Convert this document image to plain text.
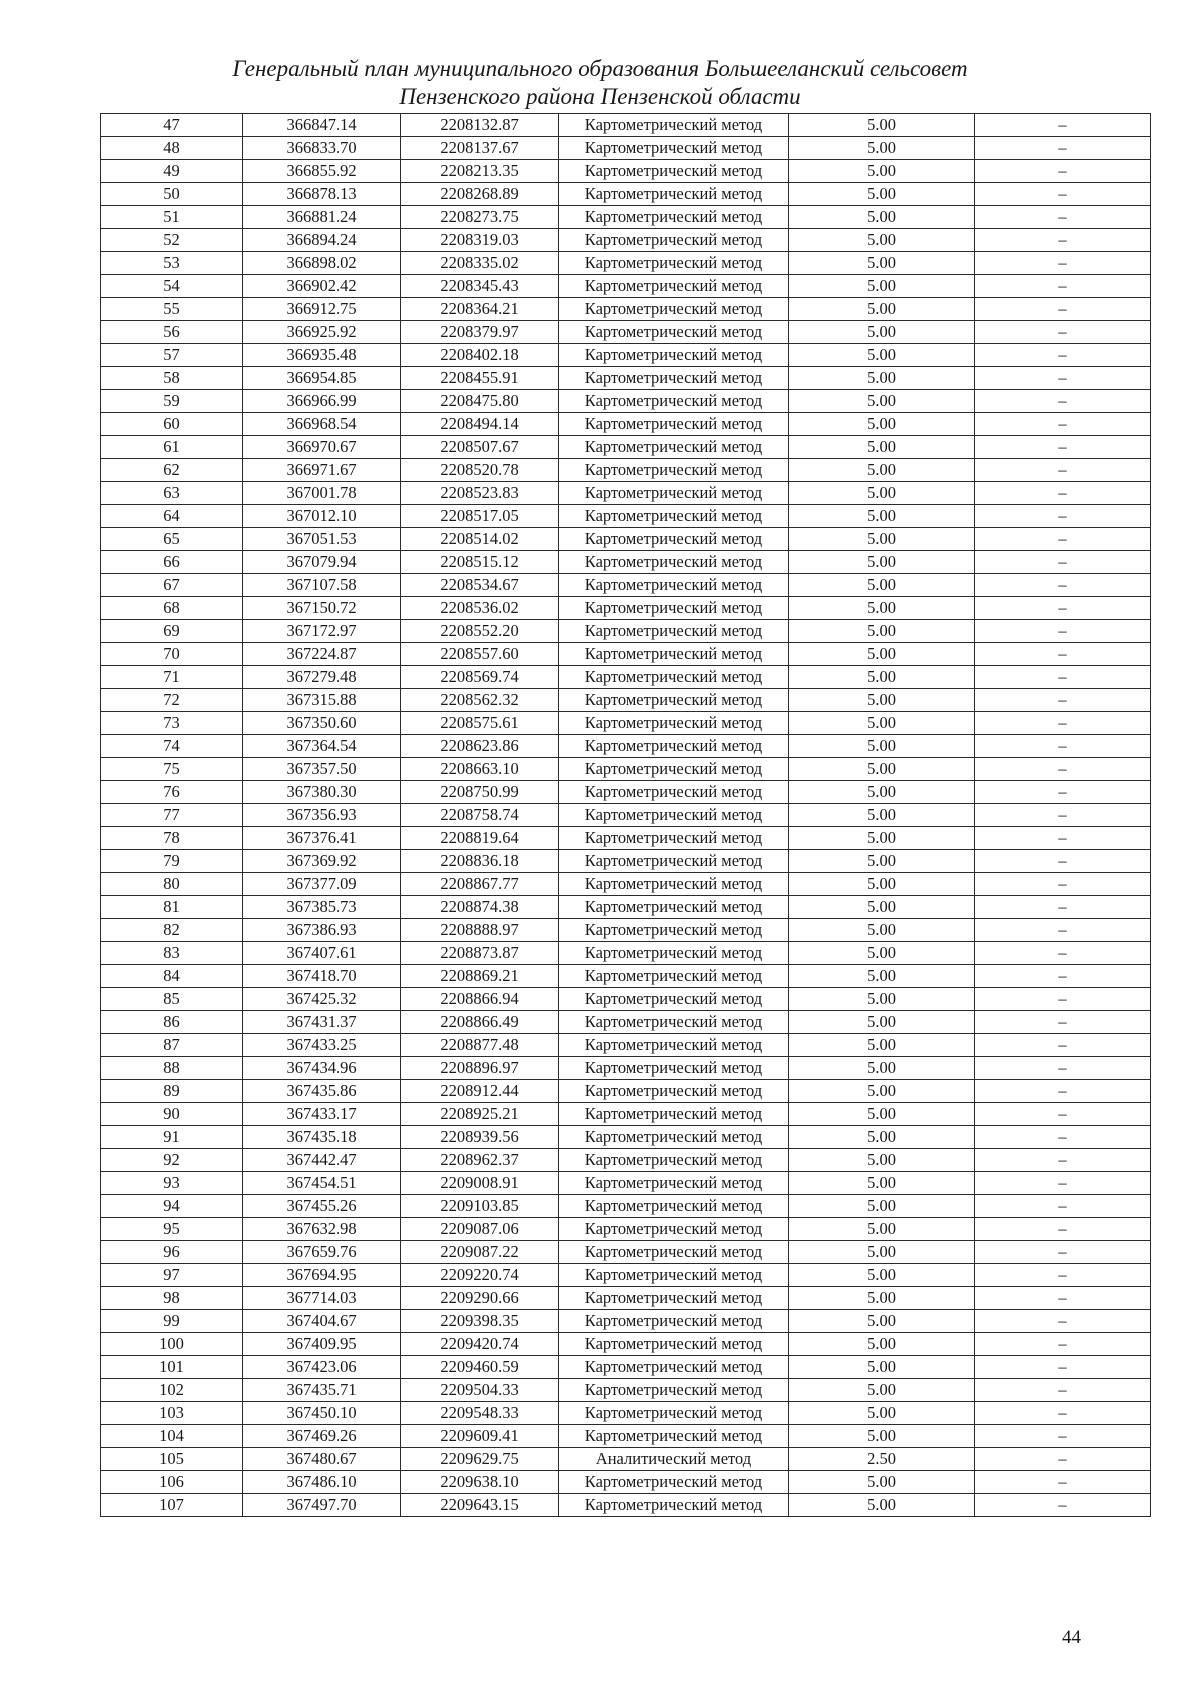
Генеральный план муниципального образования Большееланский сельсовет
Пензенского района Пензенской области
47	366847.14	2208132.87	Картометрический метод	5.00	–
48	366833.70	2208137.67	Картометрический метод	5.00	–
49	366855.92	2208213.35	Картометрический метод	5.00	–
50	366878.13	2208268.89	Картометрический метод	5.00	–
51	366881.24	2208273.75	Картометрический метод	5.00	–
52	366894.24	2208319.03	Картометрический метод	5.00	–
53	366898.02	2208335.02	Картометрический метод	5.00	–
54	366902.42	2208345.43	Картометрический метод	5.00	–
55	366912.75	2208364.21	Картометрический метод	5.00	–
56	366925.92	2208379.97	Картометрический метод	5.00	–
57	366935.48	2208402.18	Картометрический метод	5.00	–
58	366954.85	2208455.91	Картометрический метод	5.00	–
59	366966.99	2208475.80	Картометрический метод	5.00	–
60	366968.54	2208494.14	Картометрический метод	5.00	–
61	366970.67	2208507.67	Картометрический метод	5.00	–
62	366971.67	2208520.78	Картометрический метод	5.00	–
63	367001.78	2208523.83	Картометрический метод	5.00	–
64	367012.10	2208517.05	Картометрический метод	5.00	–
65	367051.53	2208514.02	Картометрический метод	5.00	–
66	367079.94	2208515.12	Картометрический метод	5.00	–
67	367107.58	2208534.67	Картометрический метод	5.00	–
68	367150.72	2208536.02	Картометрический метод	5.00	–
69	367172.97	2208552.20	Картометрический метод	5.00	–
70	367224.87	2208557.60	Картометрический метод	5.00	–
71	367279.48	2208569.74	Картометрический метод	5.00	–
72	367315.88	2208562.32	Картометрический метод	5.00	–
73	367350.60	2208575.61	Картометрический метод	5.00	–
74	367364.54	2208623.86	Картометрический метод	5.00	–
75	367357.50	2208663.10	Картометрический метод	5.00	–
76	367380.30	2208750.99	Картометрический метод	5.00	–
77	367356.93	2208758.74	Картометрический метод	5.00	–
78	367376.41	2208819.64	Картометрический метод	5.00	–
79	367369.92	2208836.18	Картометрический метод	5.00	–
80	367377.09	2208867.77	Картометрический метод	5.00	–
81	367385.73	2208874.38	Картометрический метод	5.00	–
82	367386.93	2208888.97	Картометрический метод	5.00	–
83	367407.61	2208873.87	Картометрический метод	5.00	–
84	367418.70	2208869.21	Картометрический метод	5.00	–
85	367425.32	2208866.94	Картометрический метод	5.00	–
86	367431.37	2208866.49	Картометрический метод	5.00	–
87	367433.25	2208877.48	Картометрический метод	5.00	–
88	367434.96	2208896.97	Картометрический метод	5.00	–
89	367435.86	2208912.44	Картометрический метод	5.00	–
90	367433.17	2208925.21	Картометрический метод	5.00	–
91	367435.18	2208939.56	Картометрический метод	5.00	–
92	367442.47	2208962.37	Картометрический метод	5.00	–
93	367454.51	2209008.91	Картометрический метод	5.00	–
94	367455.26	2209103.85	Картометрический метод	5.00	–
95	367632.98	2209087.06	Картометрический метод	5.00	–
96	367659.76	2209087.22	Картометрический метод	5.00	–
97	367694.95	2209220.74	Картометрический метод	5.00	–
98	367714.03	2209290.66	Картометрический метод	5.00	–
99	367404.67	2209398.35	Картометрический метод	5.00	–
100	367409.95	2209420.74	Картометрический метод	5.00	–
101	367423.06	2209460.59	Картометрический метод	5.00	–
102	367435.71	2209504.33	Картометрический метод	5.00	–
103	367450.10	2209548.33	Картометрический метод	5.00	–
104	367469.26	2209609.41	Картометрический метод	5.00	–
105	367480.67	2209629.75	Аналитический метод	2.50	–
106	367486.10	2209638.10	Картометрический метод	5.00	–
107	367497.70	2209643.15	Картометрический метод	5.00	–
44
